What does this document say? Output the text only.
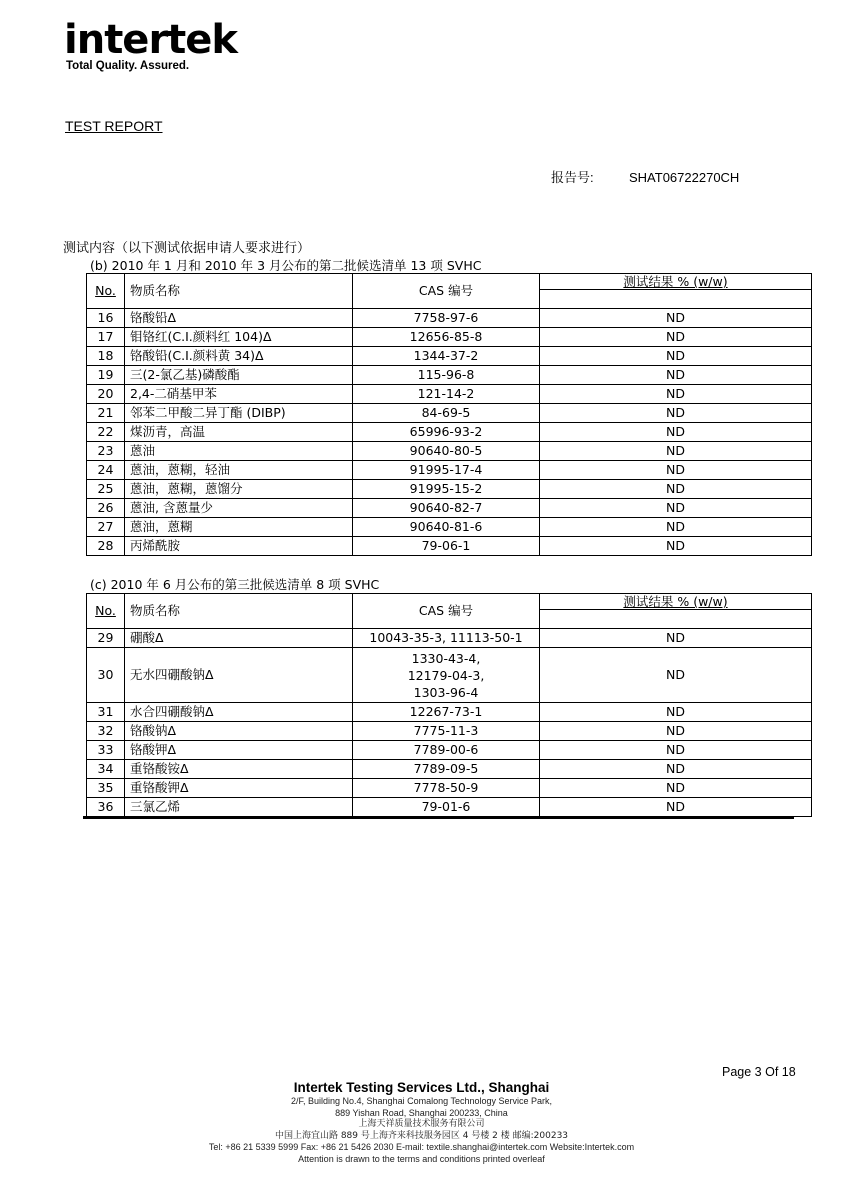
intertek
Total Quality. Assured.
TEST REPORT
报告号:	SHAT06722270CH
测试内容（以下测试依据申请人要求进行）
(b) 2010 年 1 月和 2010 年 3 月公布的第二批候选清单 13 项 SVHC
No.	物质名称	CAS 编号	测试结果 % (w/w)

16	铬酸铅Δ	7758-97-6	ND
17	钼铬红(C.I.颜料红 104)Δ	12656-85-8	ND
18	铬酸铅(C.I.颜料黄 34)Δ	1344-37-2	ND
19	三(2-氯乙基)磷酸酯	115-96-8	ND
20	2,4-二硝基甲苯	121-14-2	ND
21	邻苯二甲酸二异丁酯 (DIBP)	84-69-5	ND
22	煤沥青，高温	65996-93-2	ND
23	蒽油	90640-80-5	ND
24	蒽油，蒽糊，轻油	91995-17-4	ND
25	蒽油，蒽糊，蒽馏分	91995-15-2	ND
26	蒽油, 含蒽量少	90640-82-7	ND
27	蒽油，蒽糊	90640-81-6	ND
28	丙烯酰胺	79-06-1	ND
(c) 2010 年 6 月公布的第三批候选清单 8 项 SVHC
No.	物质名称	CAS 编号	测试结果 % (w/w)

29	硼酸Δ	10043-35-3, 11113-50-1	ND
30	无水四硼酸钠Δ	1330-43-4,
12179-04-3,
1303-96-4	ND
31	水合四硼酸钠Δ	12267-73-1	ND
32	铬酸钠Δ	7775-11-3	ND
33	铬酸钾Δ	7789-00-6	ND
34	重铬酸铵Δ	7789-09-5	ND
35	重铬酸钾Δ	7778-50-9	ND
36	三氯乙烯	79-01-6	ND
Page 3 Of 18
Intertek Testing Services Ltd., Shanghai
2/F, Building No.4, Shanghai Comalong Technology Service Park,
889 Yishan Road, Shanghai 200233, China
上海天祥质量技术服务有限公司
中国上海宜山路 889 号上海齐来科技服务园区 4 号楼 2 楼 邮编:200233
Tel: +86 21 5339 5999 Fax: +86 21 5426 2030 E-mail: textile.shanghai@intertek.com Website:Intertek.com
Attention is drawn to the terms and conditions printed overleaf
